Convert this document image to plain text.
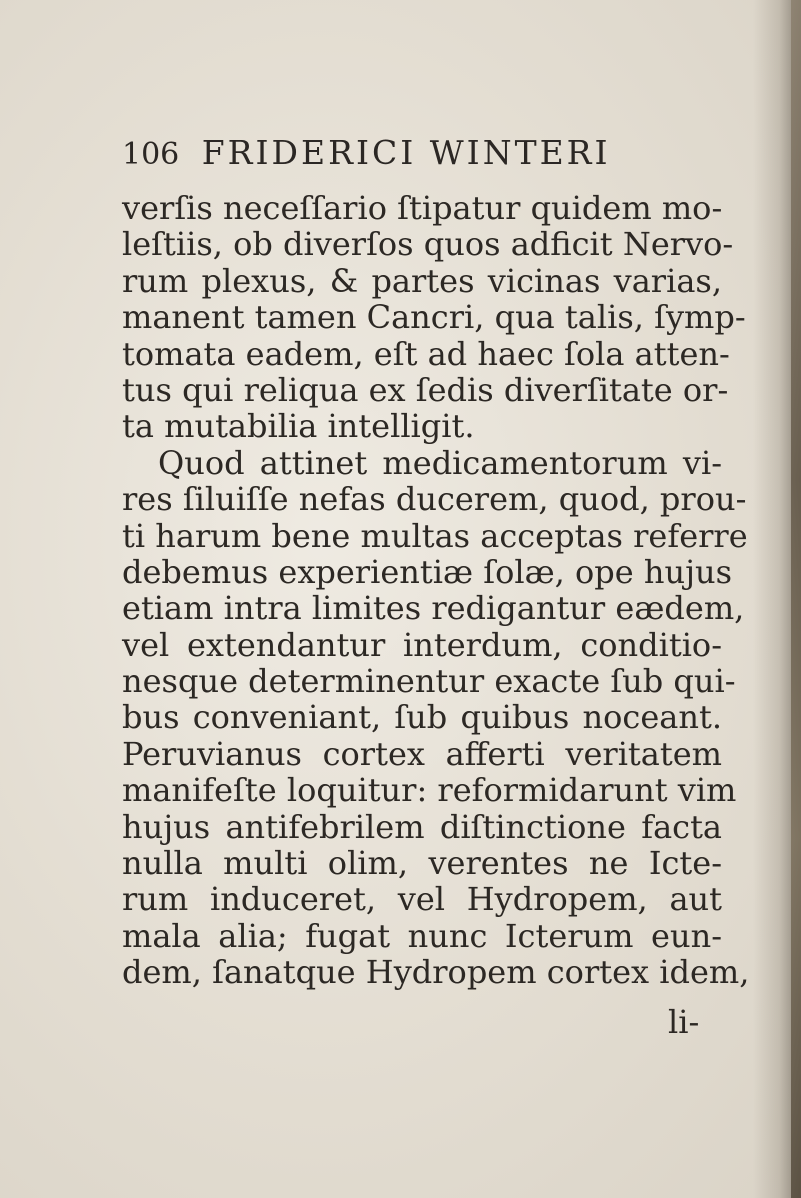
106 FRIDERICI WINTERI
verſis neceſſario ſtipatur quidem mo-
leſtiis, ob diverſos quos adficit Nervo-
rum plexus, & partes vicinas varias,
manent tamen Cancri, qua talis, ſymp-
tomata eadem, eſt ad haec ſola atten-
tus qui reliqua ex ſedis diverſitate or-
ta mutabilia intelligit.
Quod attinet medicamentorum vi-
res ſiluiſſe nefas ducerem, quod, prou-
ti harum bene multas acceptas referre
debemus experientiæ ſolæ, ope hujus
etiam intra limites redigantur eædem,
vel extendantur interdum, conditio-
nesque determinentur exacte ſub qui-
bus conveniant, ſub quibus noceant.
Peruvianus cortex afferti veritatem
manifeſte loquitur: reformidarunt vim
hujus antifebrilem diſtinctione facta
nulla multi olim, verentes ne Icte-
rum induceret, vel Hydropem, aut
mala alia; fugat nunc Icterum eun-
dem, ſanatque Hydropem cortex idem,
li-
